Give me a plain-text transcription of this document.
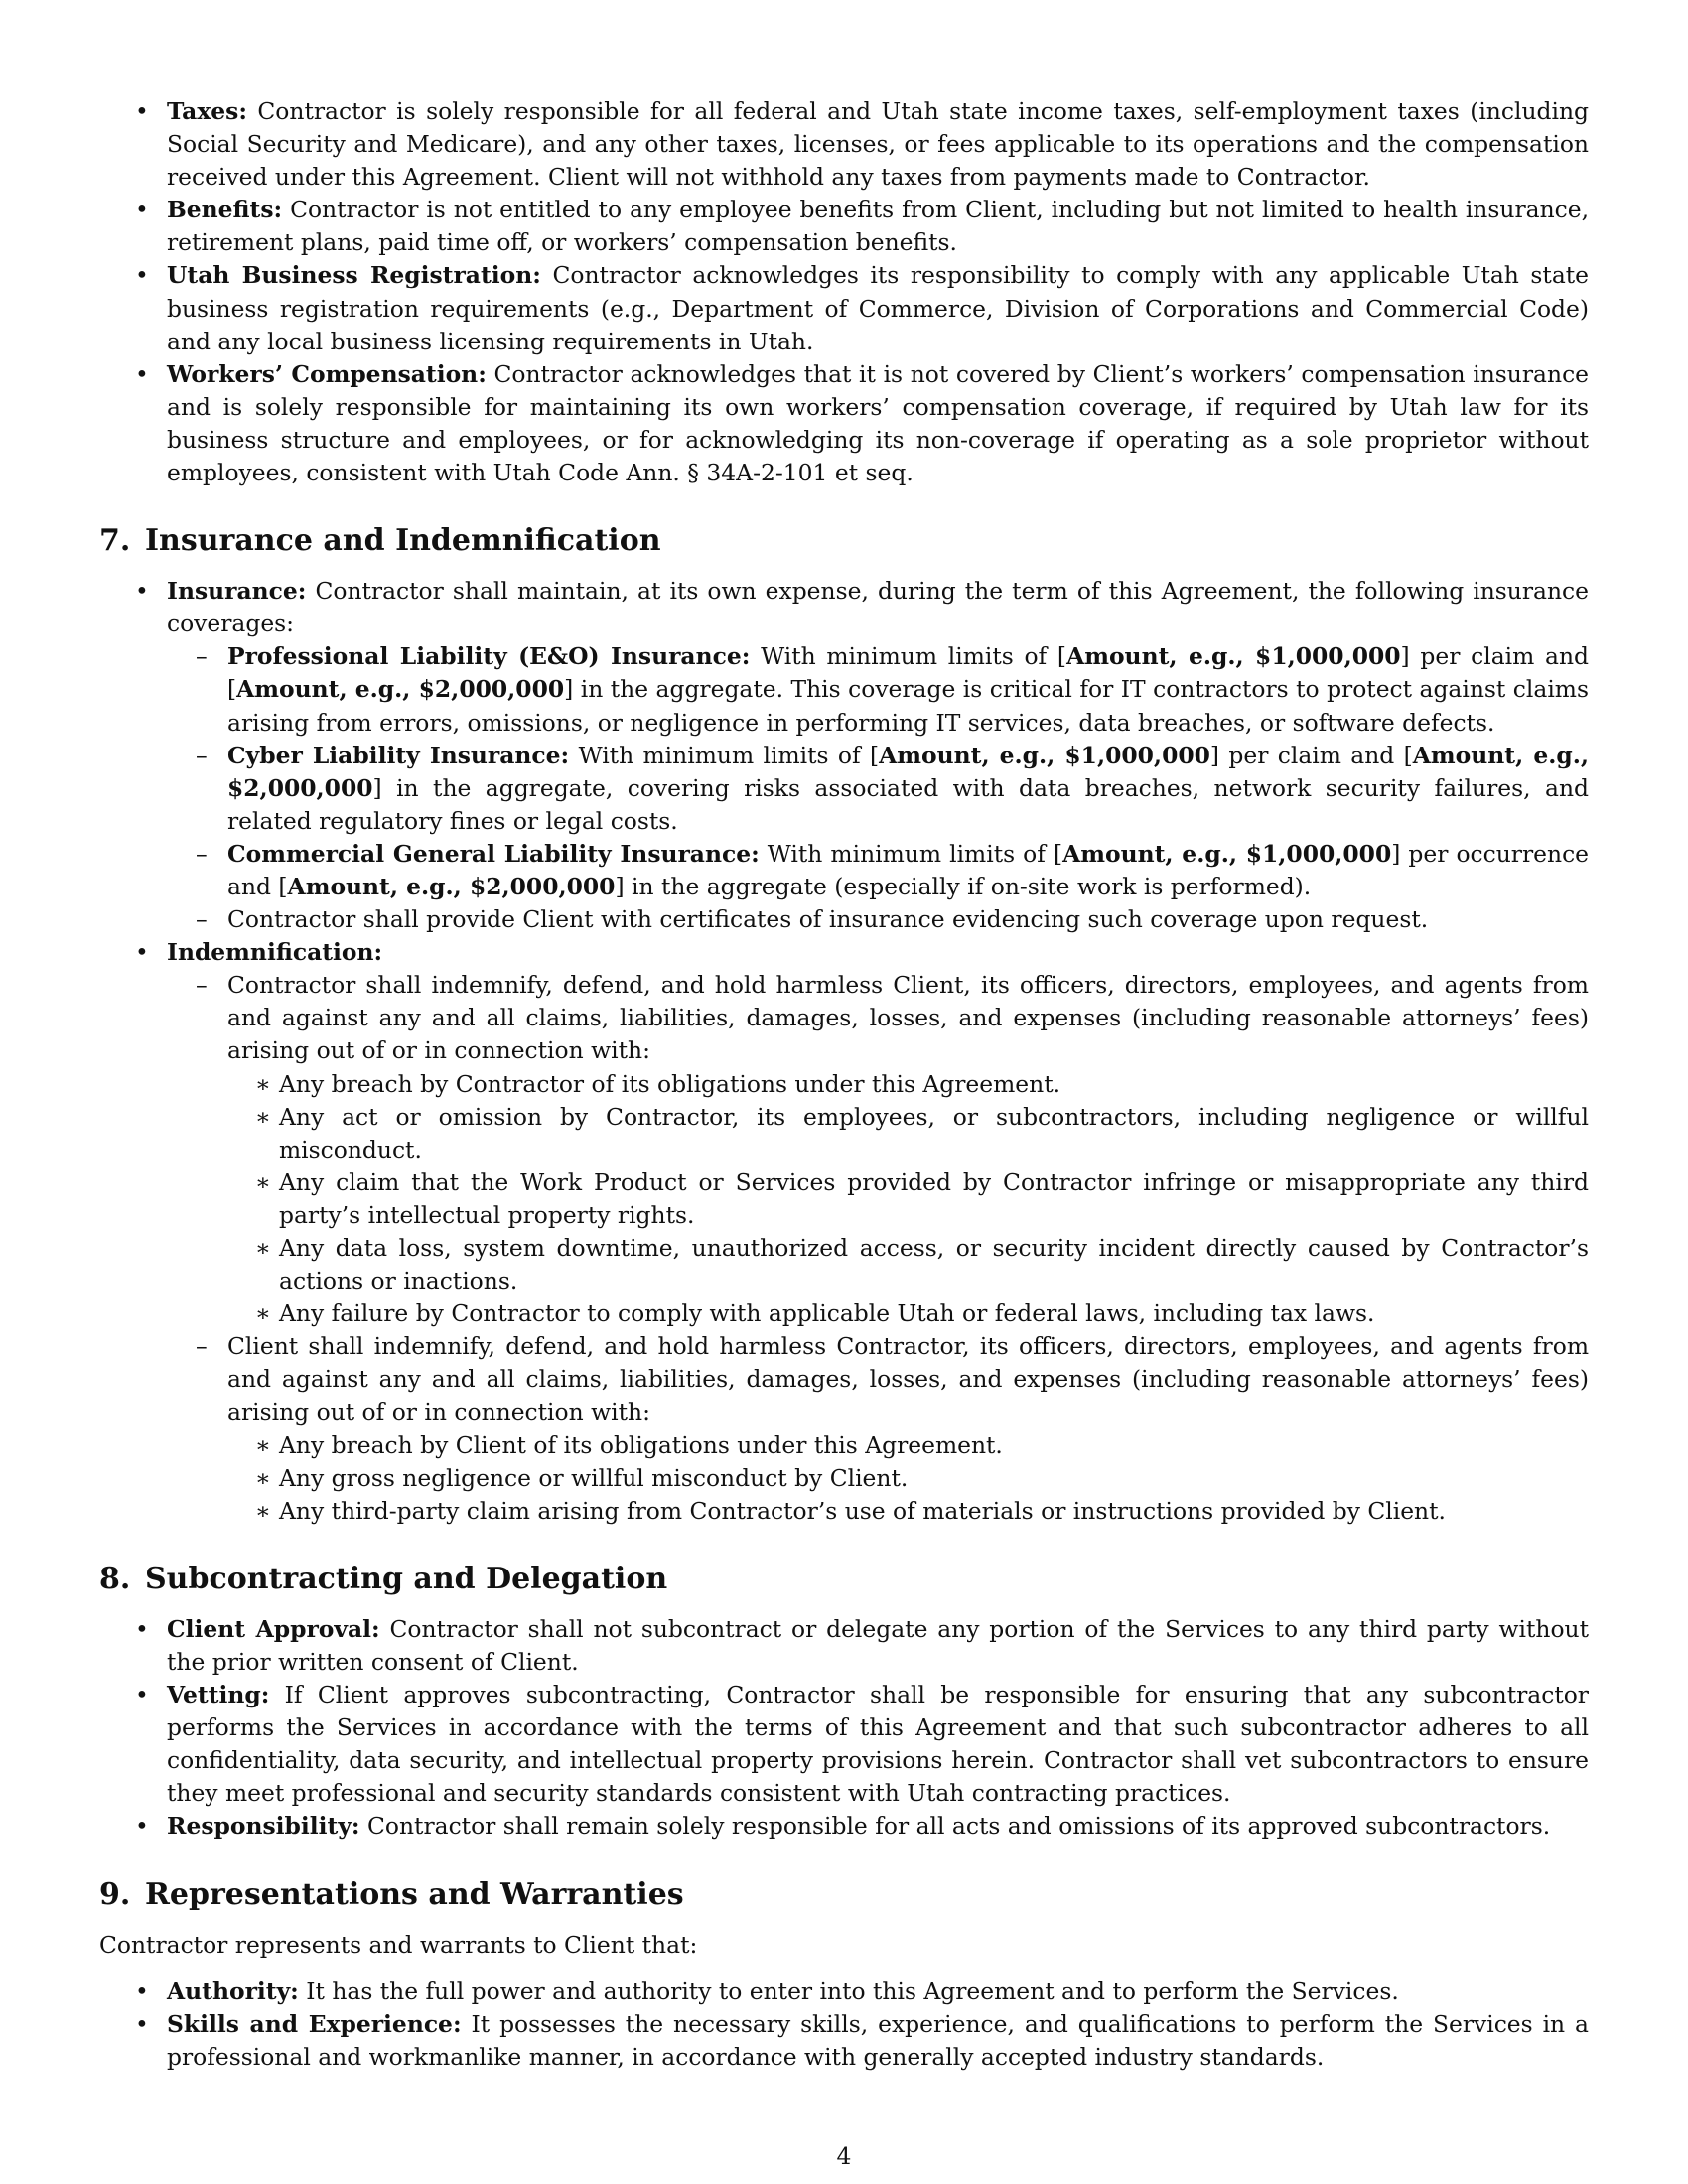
• Taxes: Contractor is solely responsible for all federal and Utah state income taxes, self-employment taxes (including Social Security and Medicare), and any other taxes, licenses, or fees applicable to its operations and the compensation received under this Agreement. Client will not withhold any taxes from payments made to Contractor.
• Benefits: Contractor is not entitled to any employee benefits from Client, including but not limited to health insurance, retirement plans, paid time off, or workers’ compensation benefits.
• Utah Business Registration: Contractor acknowledges its responsibility to comply with any applicable Utah state business registration requirements (e.g., Department of Commerce, Division of Corporations and Commercial Code) and any local business licensing requirements in Utah.
• Workers’ Compensation: Contractor acknowledges that it is not covered by Client’s workers’ compensation insurance and is solely responsible for maintaining its own workers’ compensation coverage, if required by Utah law for its business structure and employees, or for acknowledging its non-coverage if operating as a sole proprietor without employees, consistent with Utah Code Ann. § 34A-2-101 et seq.
7. Insurance and Indemnification
• Insurance: Contractor shall maintain, at its own expense, during the term of this Agreement, the following insurance coverages:
– Professional Liability (E&O) Insurance: With minimum limits of [Amount, e.g., $1,000,000] per claim and [Amount, e.g., $2,000,000] in the aggregate. This coverage is critical for IT contractors to protect against claims arising from errors, omissions, or negligence in performing IT services, data breaches, or software defects.
– Cyber Liability Insurance: With minimum limits of [Amount, e.g., $1,000,000] per claim and [Amount, e.g., $2,000,000] in the aggregate, covering risks associated with data breaches, network security failures, and related regulatory fines or legal costs.
– Commercial General Liability Insurance: With minimum limits of [Amount, e.g., $1,000,000] per occurrence and [Amount, e.g., $2,000,000] in the aggregate (especially if on-site work is performed).
– Contractor shall provide Client with certificates of insurance evidencing such coverage upon request.
• Indemnification:
– Contractor shall indemnify, defend, and hold harmless Client, its officers, directors, employees, and agents from and against any and all claims, liabilities, damages, losses, and expenses (including reasonable attorneys’ fees) arising out of or in connection with:
∗ Any breach by Contractor of its obligations under this Agreement.
∗ Any act or omission by Contractor, its employees, or subcontractors, including negligence or willful misconduct.
∗ Any claim that the Work Product or Services provided by Contractor infringe or misappropriate any third party’s intellectual property rights.
∗ Any data loss, system downtime, unauthorized access, or security incident directly caused by Contractor’s actions or inactions.
∗ Any failure by Contractor to comply with applicable Utah or federal laws, including tax laws.
– Client shall indemnify, defend, and hold harmless Contractor, its officers, directors, employees, and agents from and against any and all claims, liabilities, damages, losses, and expenses (including reasonable attorneys’ fees) arising out of or in connection with:
∗ Any breach by Client of its obligations under this Agreement.
∗ Any gross negligence or willful misconduct by Client.
∗ Any third-party claim arising from Contractor’s use of materials or instructions provided by Client.
8. Subcontracting and Delegation
• Client Approval: Contractor shall not subcontract or delegate any portion of the Services to any third party without the prior written consent of Client.
• Vetting: If Client approves subcontracting, Contractor shall be responsible for ensuring that any subcontractor performs the Services in accordance with the terms of this Agreement and that such subcontractor adheres to all confidentiality, data security, and intellectual property provisions herein. Contractor shall vet subcontractors to ensure they meet professional and security standards consistent with Utah contracting practices.
• Responsibility: Contractor shall remain solely responsible for all acts and omissions of its approved subcontractors.
9. Representations and Warranties

Contractor represents and warrants to Client that:

• Authority: It has the full power and authority to enter into this Agreement and to perform the Services.
• Skills and Experience: It possesses the necessary skills, experience, and qualifications to perform the Services in a professional and workmanlike manner, in accordance with generally accepted industry standards.
4
